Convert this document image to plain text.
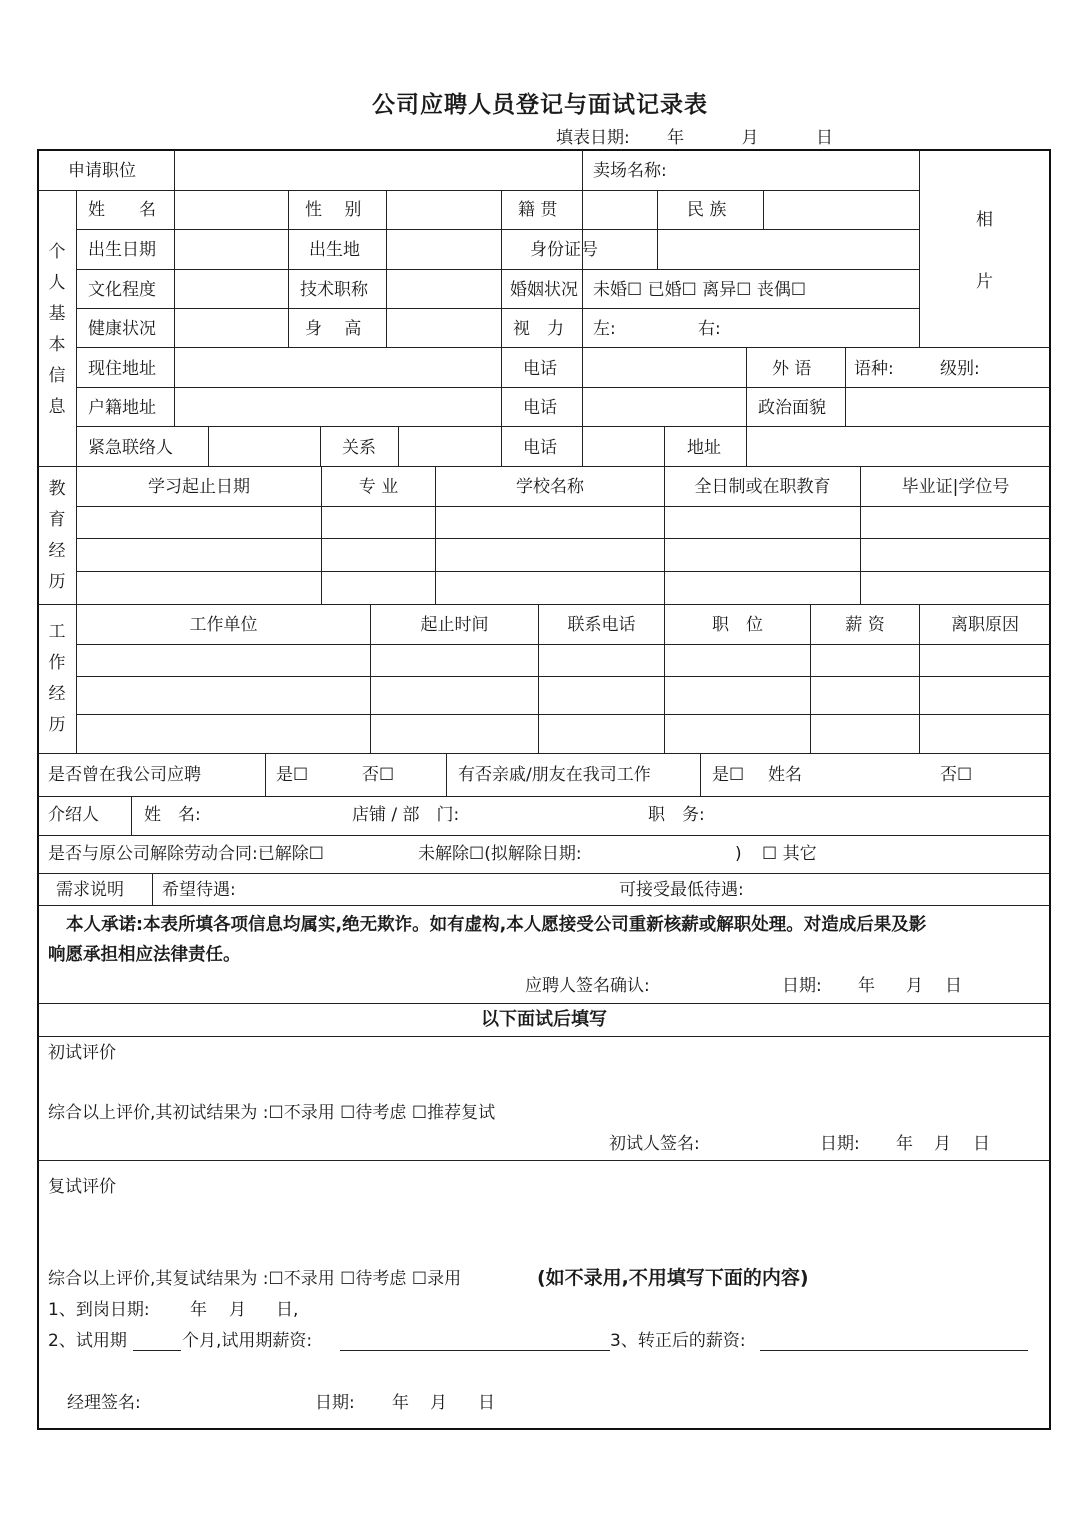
公司应聘人员登记与面试记录表
填表日期: 年	月	日
申请职位	卖场名称:
相
片
个
人
基
本
信
息
姓　　名	性　 别	籍 贯	民 族
出生日期	出生地	身份证号
文化程度	技术职称	婚姻状况 未婚☐ 已婚☐ 离异☐ 丧偶☐
健康状况	身　 高	视　力 左:	右:
现住地址	电话	外 语	语种:	级别:
户籍地址	电话	政治面貌
紧急联络人	关系	电话	地址
教
育
经
历
学习起止日期	专 业	学校名称	全日制或在职教育	毕业证|学位号
工
作
经
历
工作单位	起止时间	联系电话	职　位	薪 资	离职原因
是否曾在我公司应聘	是☐	否☐	有否亲戚/朋友在我司工作	是☐ 姓名	否☐
介绍人	姓　名:	店铺 / 部　门:	职　务:
是否与原公司解除劳动合同:已解除☐	未解除☐(拟解除日期:	) ☐ 其它
需求说明 希望待遇:	可接受最低待遇:
本人承诺:本表所填各项信息均属实,绝无欺诈。如有虚构,本人愿接受公司重新核薪或解职处理。对造成后果及影
响愿承担相应法律责任。
应聘人签名确认:	日期: 年 月 日
以下面试后填写
初试评价
综合以上评价,其初试结果为 :☐不录用 ☐待考虑 ☐推荐复试
初试人签名:	日期: 年 月 日
复试评价
综合以上评价,其复试结果为 :☐不录用 ☐待考虑 ☐录用	(如不录用,不用填写下面的内容)
1、到岗日期: 年 月 日,
2、试用期	个月,试用期薪资:	3、转正后的薪资:
经理签名:	日期: 年 月 日
